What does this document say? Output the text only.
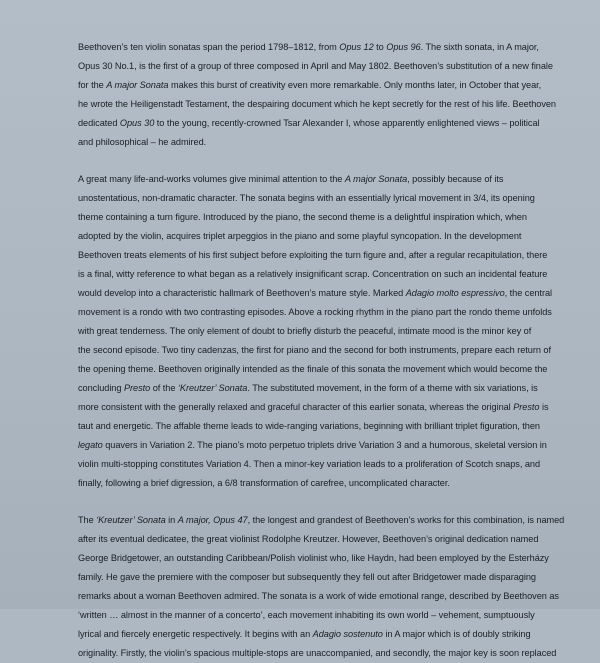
Beethoven’s ten violin sonatas span the period 1798–1812, from Opus 12 to Opus 96. The sixth sonata, in A major,
Opus 30 No.1, is the first of a group of three composed in April and May 1802. Beethoven’s substitution of a new finale
for the A major Sonata makes this burst of creativity even more remarkable. Only months later, in October that year,
he wrote the Heiligenstadt Testament, the despairing document which he kept secretly for the rest of his life. Beethoven
dedicated Opus 30 to the young, recently-crowned Tsar Alexander I, whose apparently enlightened views – political
and philosophical – he admired.

A great many life-and-works volumes give minimal attention to the A major Sonata, possibly because of its
unostentatious, non-dramatic character. The sonata begins with an essentially lyrical movement in 3/4, its opening
theme containing a turn figure. Introduced by the piano, the second theme is a delightful inspiration which, when
adopted by the violin, acquires triplet arpeggios in the piano and some playful syncopation. In the development
Beethoven treats elements of his first subject before exploiting the turn figure and, after a regular recapitulation, there
is a final, witty reference to what began as a relatively insignificant scrap. Concentration on such an incidental feature
would develop into a characteristic hallmark of Beethoven’s mature style. Marked Adagio molto espressivo, the central
movement is a rondo with two contrasting episodes. Above a rocking rhythm in the piano part the rondo theme unfolds
with great tenderness. The only element of doubt to briefly disturb the peaceful, intimate mood is the minor key of
the second episode. Two tiny cadenzas, the first for piano and the second for both instruments, prepare each return of
the opening theme. Beethoven originally intended as the finale of this sonata the movement which would become the
concluding Presto of the ‘Kreutzer’ Sonata. The substituted movement, in the form of a theme with six variations, is
more consistent with the generally relaxed and graceful character of this earlier sonata, whereas the original Presto is
taut and energetic. The affable theme leads to wide-ranging variations, beginning with brilliant triplet figuration, then
legato quavers in Variation 2. The piano’s moto perpetuo triplets drive Variation 3 and a humorous, skeletal version in
violin multi-stopping constitutes Variation 4. Then a minor-key variation leads to a proliferation of Scotch snaps, and
finally, following a brief digression, a 6/8 transformation of carefree, uncomplicated character.

The ‘Kreutzer’ Sonata in A major, Opus 47, the longest and grandest of Beethoven’s works for this combination, is named
after its eventual dedicatee, the great violinist Rodolphe Kreutzer. However, Beethoven’s original dedication named
George Bridgetower, an outstanding Caribbean/Polish violinist who, like Haydn, had been employed by the Esterházy
family. He gave the premiere with the composer but subsequently they fell out after Bridgetower made disparaging
remarks about a woman Beethoven admired. The sonata is a work of wide emotional range, described by Beethoven as
‘written … almost in the manner of a concerto’, each movement inhabiting its own world – vehement, sumptuously
lyrical and fiercely energetic respectively. It begins with an Adagio sostenuto in A major which is of doubly striking
originality. Firstly, the violin’s spacious multiple-stops are unaccompanied, and secondly, the major key is soon replaced
